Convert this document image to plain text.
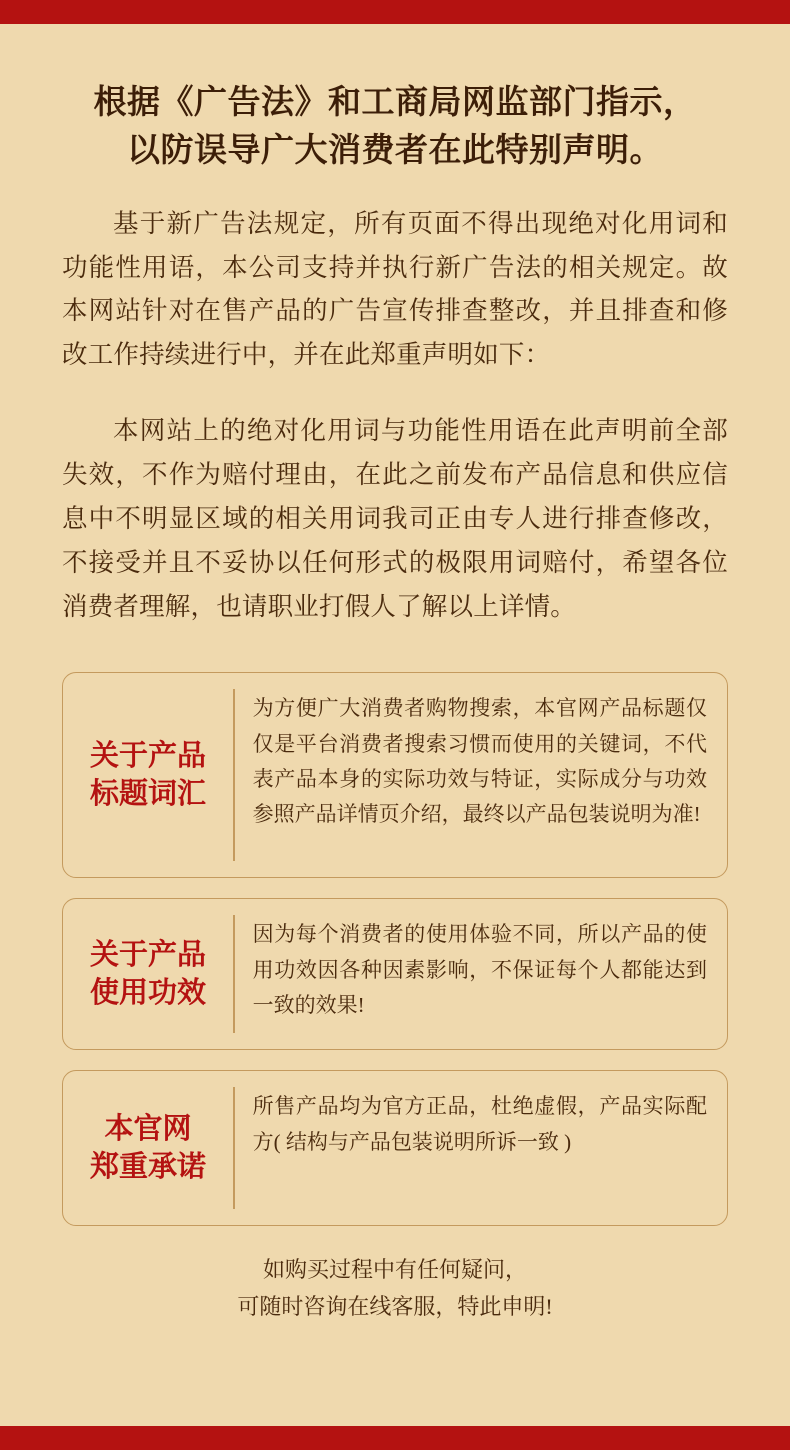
根据《广告法》和工商局网监部门指示，
以防误导广大消费者在此特别声明。

基于新广告法规定，所有页面不得出现绝对化用词和功能性用语，本公司支持并执行新广告法的相关规定。故本网站针对在售产品的广告宣传排查整改，并且排查和修改工作持续进行中，并在此郑重声明如下：

本网站上的绝对化用词与功能性用语在此声明前全部失效，不作为赔付理由，在此之前发布产品信息和供应信息中不明显区域的相关用词我司正由专人进行排查修改，不接受并且不妥协以任何形式的极限用词赔付，希望各位消费者理解，也请职业打假人了解以上详情。

关于产品
标题词汇
为方便广大消费者购物搜索，本官网产品标题仅仅是平台消费者搜索习惯而使用的关键词，不代表产品本身的实际功效与特证，实际成分与功效参照产品详情页介绍，最终以产品包装说明为准!
关于产品
使用功效
因为每个消费者的使用体验不同，所以产品的使用功效因各种因素影响，不保证每个人都能达到一致的效果!
本官网
郑重承诺
所售产品均为官方正品，杜绝虚假，产品实际配方( 结构与产品包装说明所诉一致 )
如购买过程中有任何疑问，
可随时咨询在线客服，特此申明!
